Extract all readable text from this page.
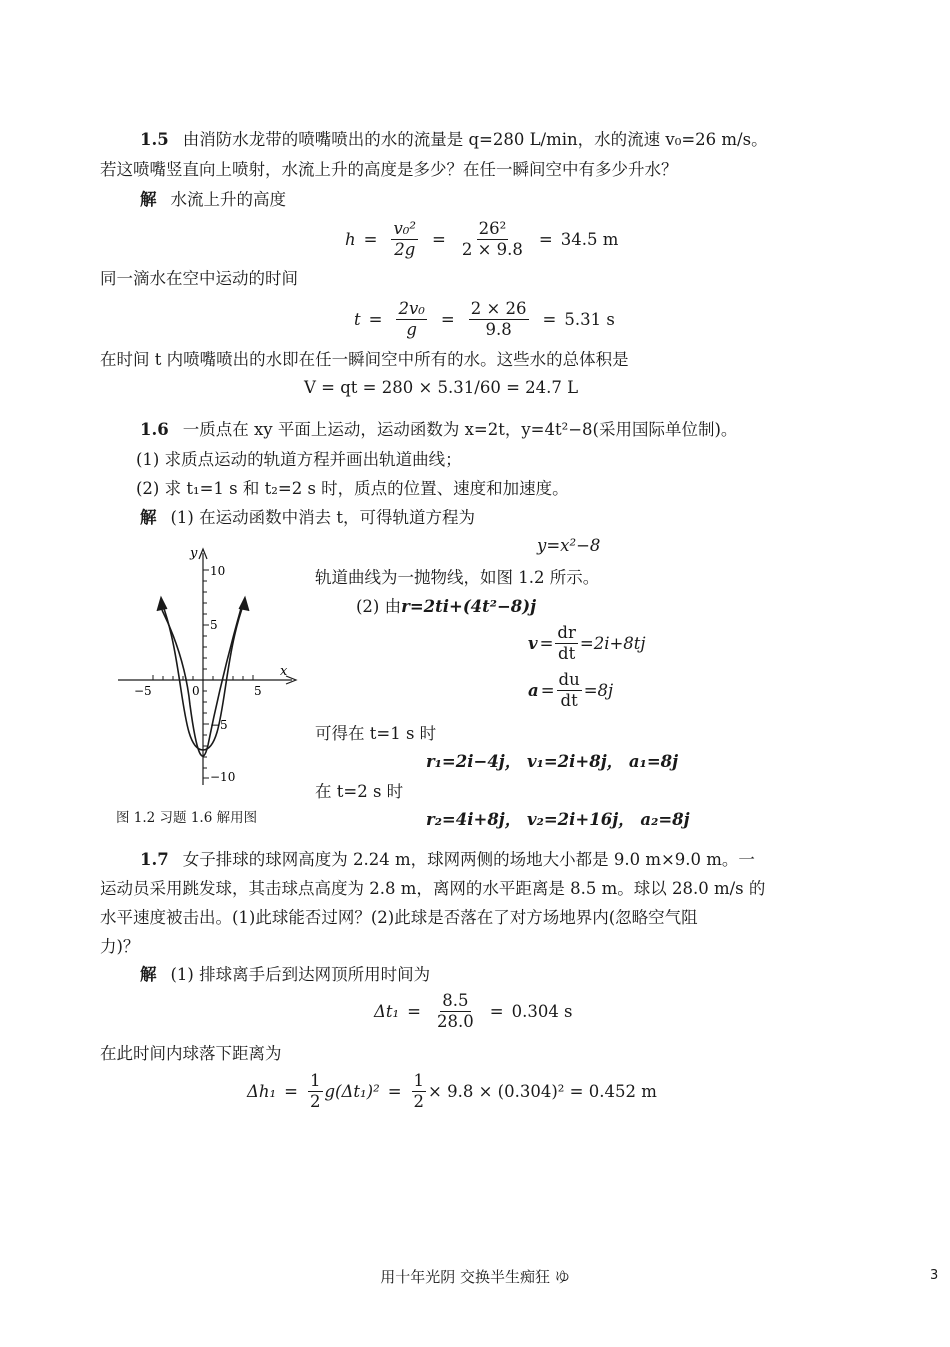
1.5 由消防水龙带的喷嘴喷出的水的流量是 q=280 L/min，水的流速 v₀=26 m/s。
若这喷嘴竖直向上喷射，水流上升的高度是多少？在任一瞬间空中有多少升水？
解 水流上升的高度
$h = \frac{\text{v₀²}}{2g} = \frac{\text{26²}}{2 \times 9.8} = 34.5$ m
同一滴水在空中运动的时间
$t = \frac{\text{2v₀}}{g} = \frac{2 \times 26}{9.8} = 5.31$ s
在时间 t 内喷嘴喷出的水即在任一瞬间空中所有的水。这些水的总体积是
V = qt = 280 × 5.31/60 = 24.7 L
1.6 一质点在 xy 平面上运动，运动函数为 x=2t，y=4t²−8(采用国际单位制)。
(1) 求质点运动的轨道方程并画出轨道曲线；
(2) 求 t₁=1 s 和 t₂=2 s 时，质点的位置、速度和加速度。
解 (1) 在运动函数中消去 t，可得轨道方程为
y=x²−8
轨道曲线为一抛物线，如图 1.2 所示。
(2) 由r=2ti+(4t²−8)j
$v = \frac{dr}{dt} =2i+8tj$
$a = \frac{du}{dt} =8j$
可得在 t=1 s 时
r₁=2i−4j， v₁=2i+8j， a₁=8j
在 t=2 s 时
r₂=4i+8j， v₂=2i+16j， a₂=8j
y
x
10
5
−5
−10
−5	0	5
图 1.2 习题 1.6 解用图
1.7 女子排球的球网高度为 2.24 m，球网两侧的场地大小都是 9.0 m×9.0 m。一
运动员采用跳发球，其击球点高度为 2.8 m，离网的水平距离是 8.5 m。球以 28.0 m/s 的
水平速度被击出。(1)此球能否过网？(2)此球是否落在了对方场地界内(忽略空气阻
力)？
解 (1) 排球离手后到达网顶所用时间为
$\Delta t_1 = \frac{8.5}{28.0} = 0.304$ s
在此时间内球落下距离为
$\Delta h_1 = \frac{1}{2} g(\Delta t_1)^2 = \frac{1}{2} \times 9.8 \times (0.304)^2 = 0.452$ m
用十年光阴 交换半生痴狂 ゆ	3
